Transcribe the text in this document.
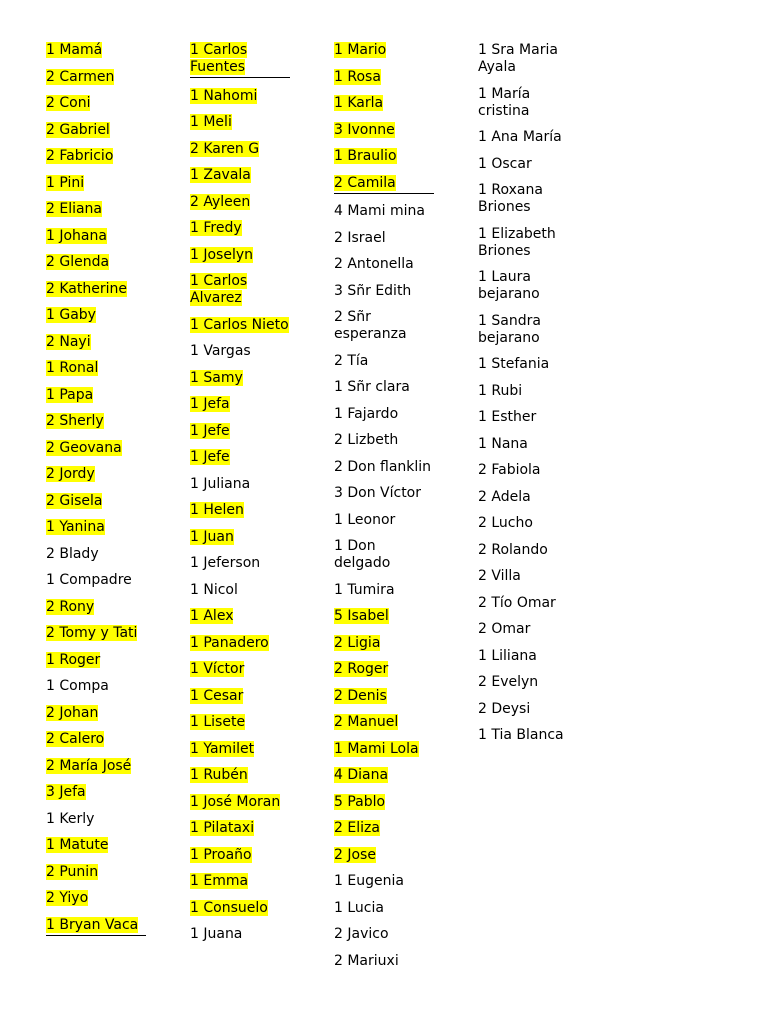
1 Mamá
2 Carmen
2 Coni
2 Gabriel
2 Fabricio
1 Pini
2 Eliana
1 Johana
2 Glenda
2 Katherine
1 Gaby
2 Nayi
1 Ronal
1 Papa
2 Sherly
2 Geovana
2 Jordy
2 Gisela
1 Yanina
2 Blady
1 Compadre
2 Rony
2 Tomy y Tati
1 Roger
1 Compa
2 Johan
2 Calero
2 María José
3 Jefa
1 Kerly
1 Matute
2 Punin
2 Yiyo
1 Bryan Vaca
1 Carlos Fuentes
1 Nahomi
1 Meli
2 Karen G
1 Zavala
2 Ayleen
1 Fredy
1 Joselyn
1 Carlos Alvarez
1 Carlos Nieto
1 Vargas
1 Samy
1 Jefa
1 Jefe
1 Jefe
1 Juliana
1 Helen
1 Juan
1 Jeferson
1 Nicol
1 Alex
1 Panadero
1 Víctor
1 Cesar
1 Lisete
1 Yamilet
1 Rubén
1 José Moran
1 Pilataxi
1 Proaño
1 Emma
1 Consuelo
1 Juana
1 Mario
1 Rosa
1 Karla
3 Ivonne
1 Braulio
2 Camila
4 Mami mina
2 Israel
2 Antonella
3 Sñr Edith
2 Sñr esperanza
2 Tía
1 Sñr clara
1 Fajardo
2 Lizbeth
2 Don flanklin
3 Don Víctor
1 Leonor
1 Don delgado
1 Tumira
5 Isabel
2 Ligia
2 Roger
2 Denis
2 Manuel
1 Mami Lola
4 Diana
5 Pablo
2 Eliza
2 Jose
1 Eugenia
1 Lucia
2 Javico
2 Mariuxi
1 Sra Maria Ayala
1 María cristina
1 Ana María
1 Oscar
1 Roxana Briones
1 Elizabeth Briones
1 Laura bejarano
1 Sandra bejarano
1 Stefania
1 Rubi
1 Esther
1 Nana
2 Fabiola
2 Adela
2 Lucho
2 Rolando
2 Villa
2 Tío Omar
2 Omar
1 Liliana
2 Evelyn
2 Deysi
1 Tia Blanca
